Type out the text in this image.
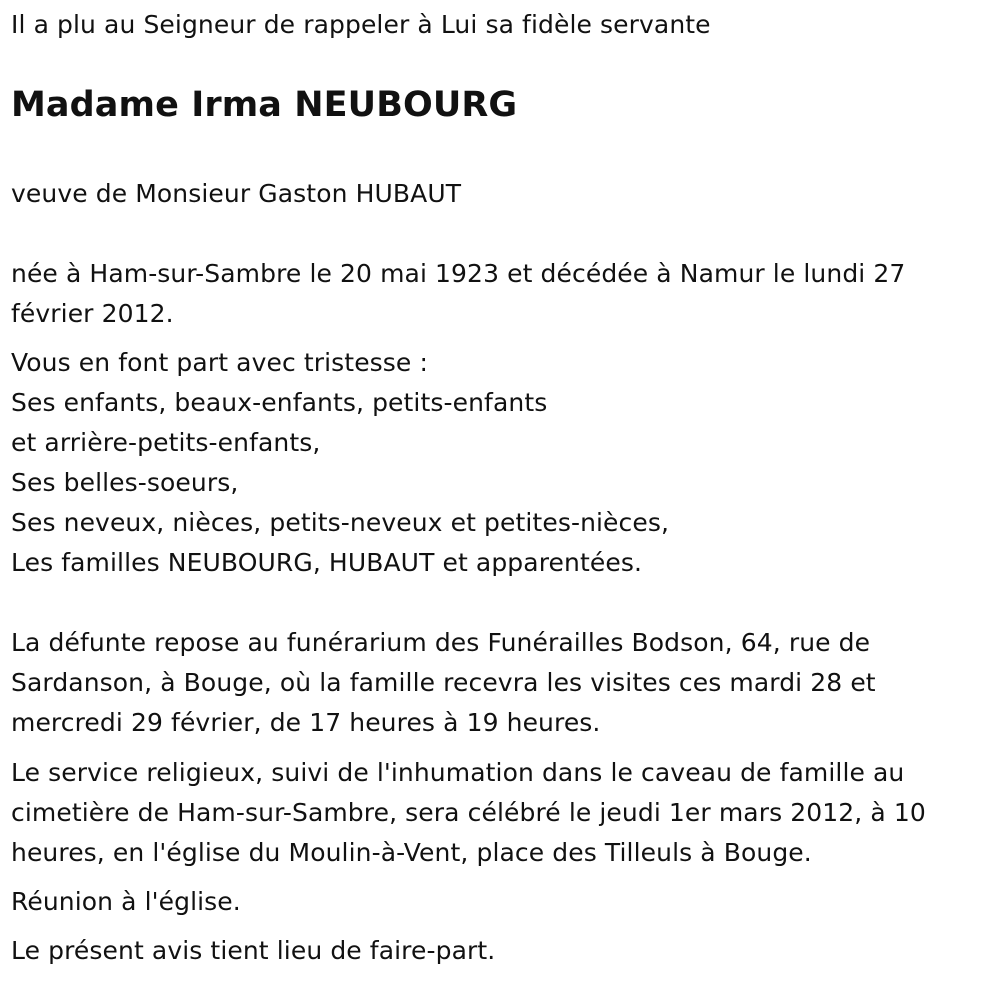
Il a plu au Seigneur de rappeler à Lui sa fidèle servante
Madame Irma NEUBOURG
veuve de Monsieur Gaston HUBAUT
née à Ham-sur-Sambre le 20 mai 1923 et décédée à Namur le lundi 27
février 2012.
Vous en font part avec tristesse :
Ses enfants, beaux-enfants, petits-enfants
et arrière-petits-enfants,
Ses belles-soeurs,
Ses neveux, nièces, petits-neveux et petites-nièces,
Les familles NEUBOURG, HUBAUT et apparentées.
La défunte repose au funérarium des Funérailles Bodson, 64, rue de
Sardanson, à Bouge, où la famille recevra les visites ces mardi 28 et
mercredi 29 février, de 17 heures à 19 heures.
Le service religieux, suivi de l'inhumation dans le caveau de famille au
cimetière de Ham-sur-Sambre, sera célébré le jeudi 1er mars 2012, à 10
heures, en l'église du Moulin-à-Vent, place des Tilleuls à Bouge.
Réunion à l'église.
Le présent avis tient lieu de faire-part.
